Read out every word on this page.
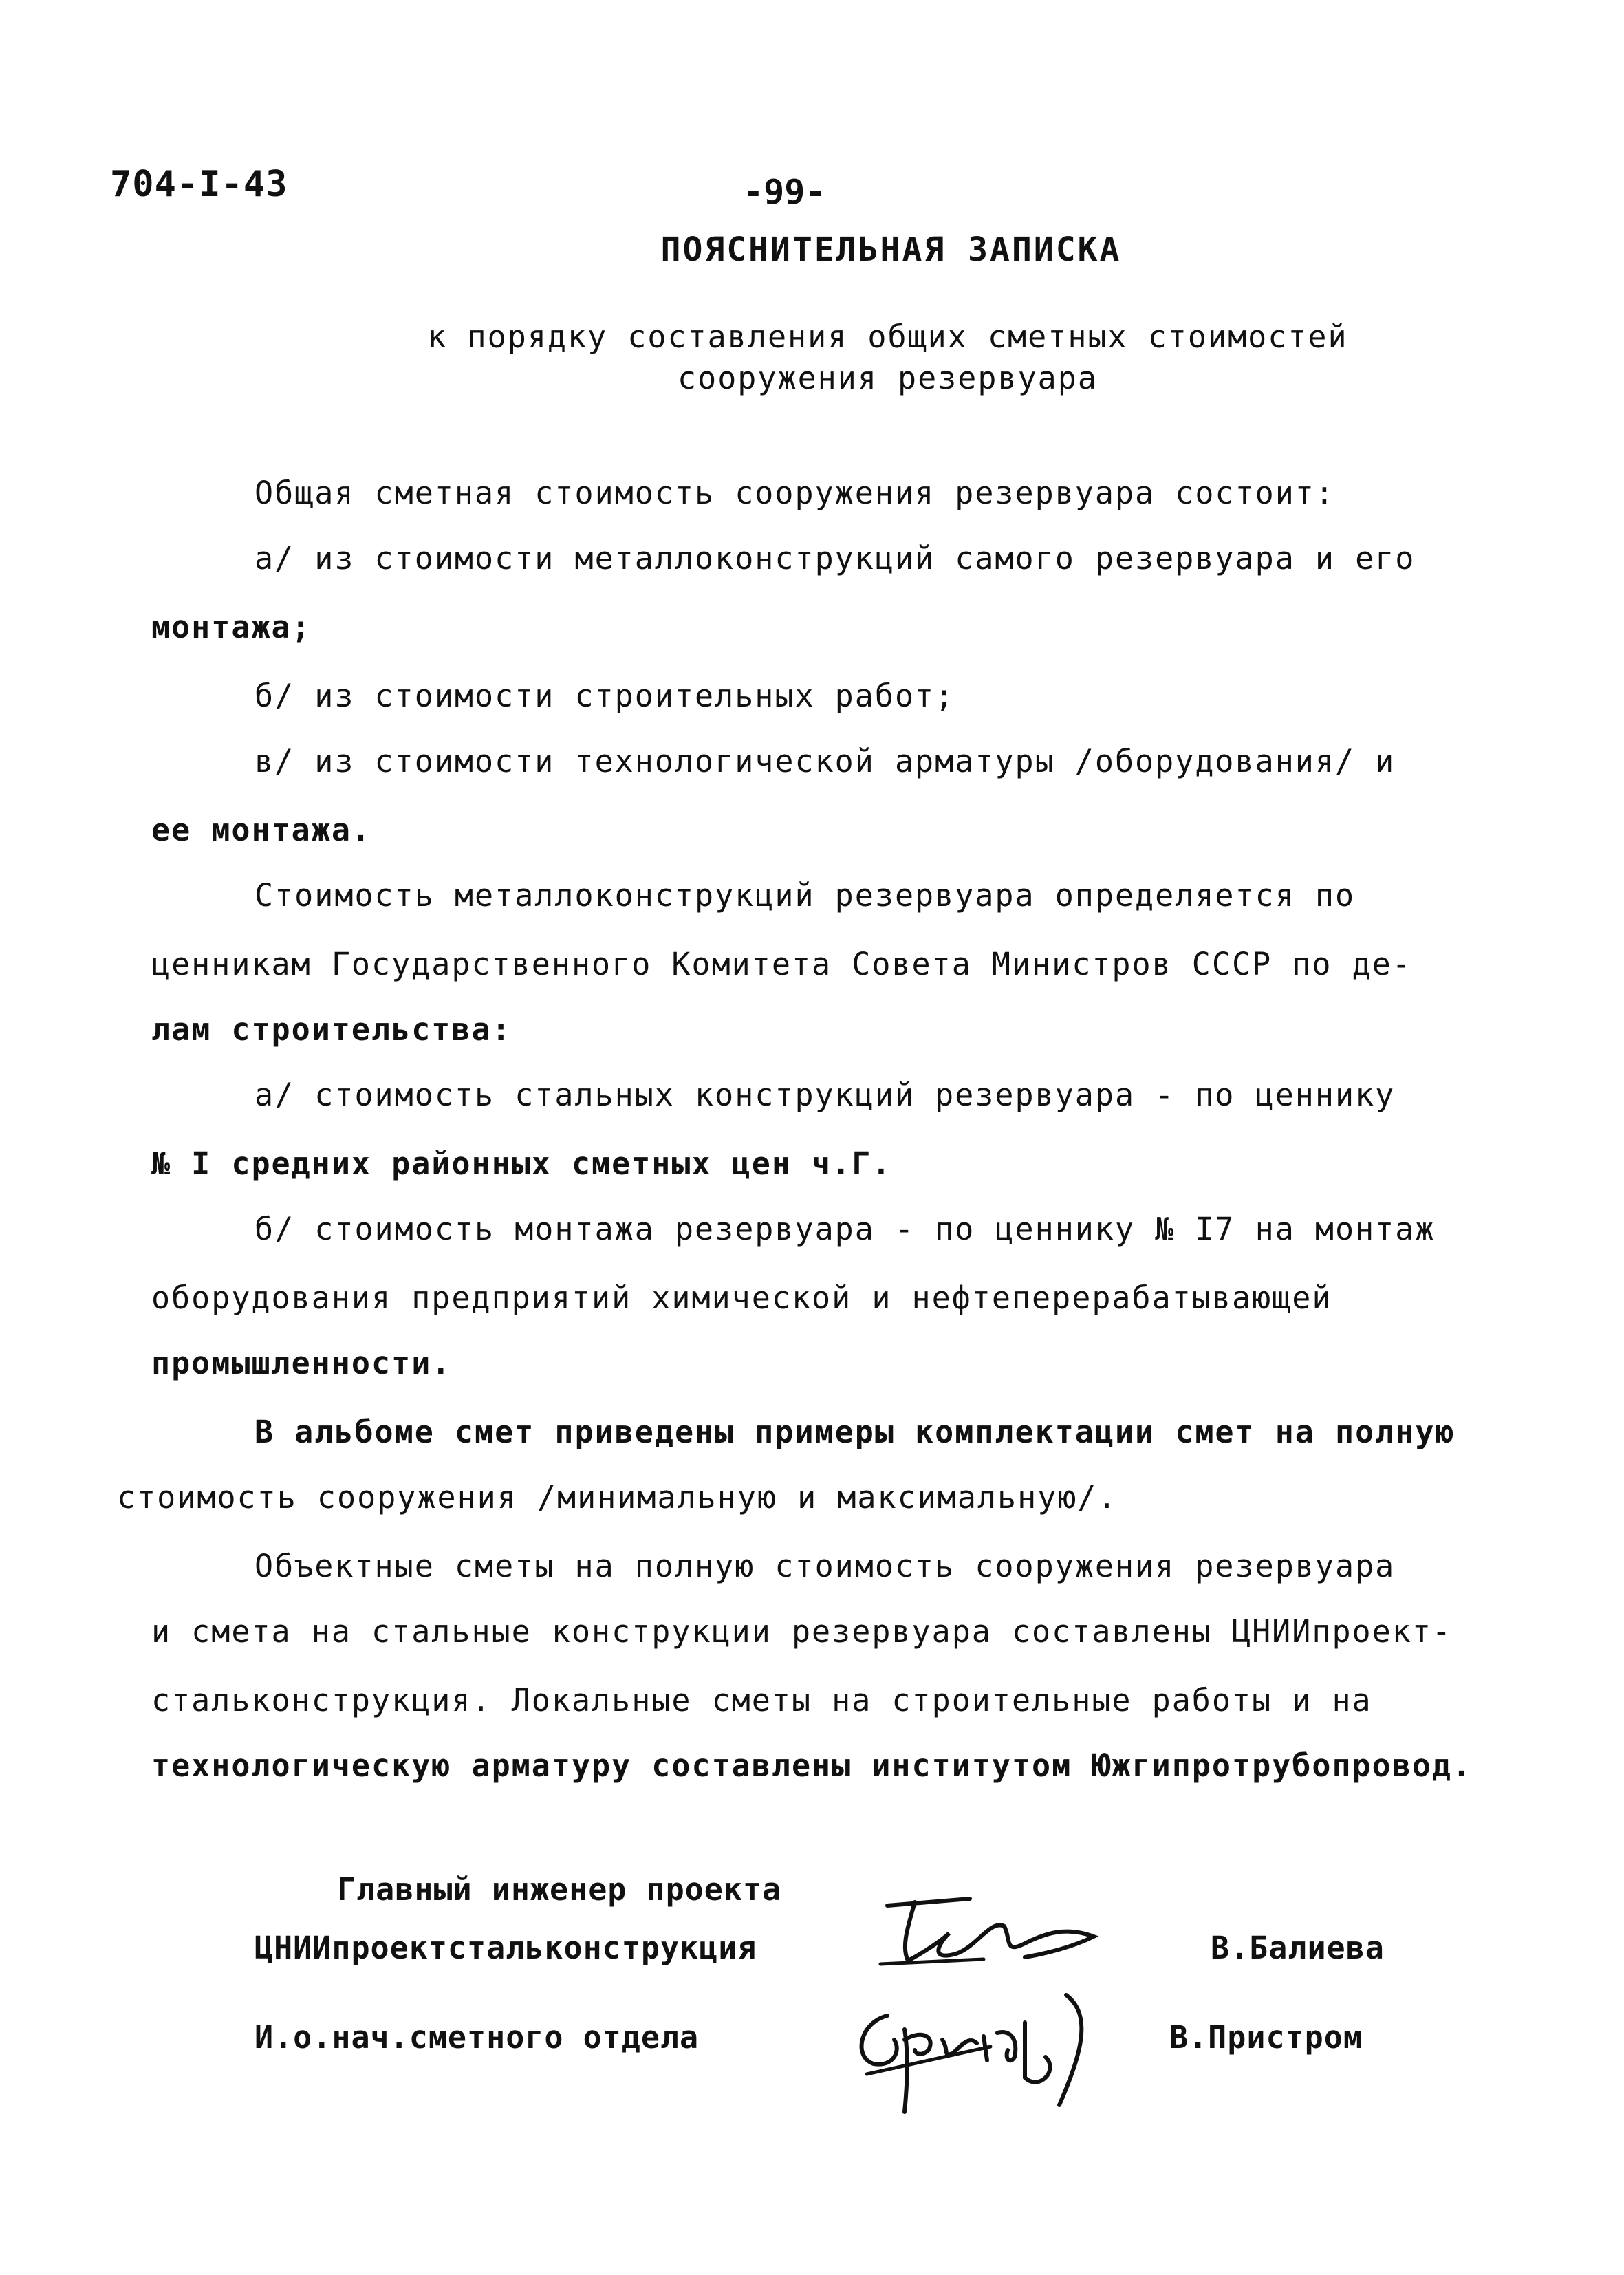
704-I-43	-99-
ПОЯСНИТЕЛЬНАЯ ЗАПИСКА
к порядку составления общих сметных стоимостей
сооружения резервуара
Общая сметная стоимость сооружения резервуара состоит:
а/ из стоимости металлоконструкций самого резервуара и его
монтажа;
б/ из стоимости строительных работ;
в/ из стоимости технологической арматуры /оборудования/ и
ее монтажа.
Стоимость металлоконструкций резервуара определяется по
ценникам Государственного Комитета Совета Министров СССР по де-
лам строительства:
а/ стоимость стальных конструкций резервуара - по ценнику
№ I средних районных сметных цен ч.Г.
б/ стоимость монтажа резервуара - по ценнику № I7 на монтаж
оборудования предприятий химической и нефтеперерабатывающей
промышленности.
В альбоме смет приведены примеры комплектации смет на полную
стоимость сооружения /минимальную и максимальную/.
Объектные сметы на полную стоимость сооружения резервуара
и смета на стальные конструкции резервуара составлены ЦНИИпроект-
стальконструкция. Локальные сметы на строительные работы и на
технологическую арматуру составлены институтом Южгипротрубопровод.
Главный инженер проекта
ЦНИИпроектстальконструкция	В.Балиева
И.о.нач.сметного отдела	В.Пристром
